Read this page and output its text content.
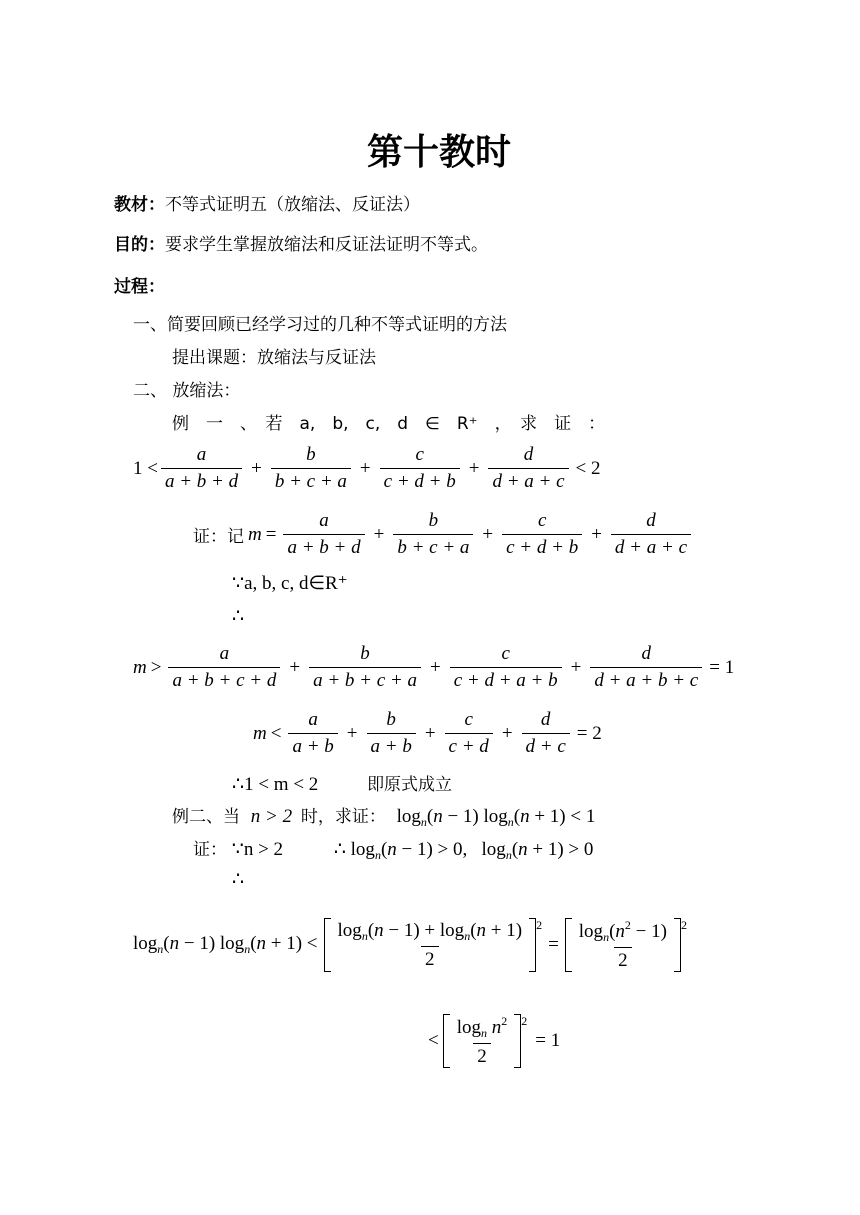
第十教时
教材：不等式证明五（放缩法、反证法）
目的：要求学生掌握放缩法和反证法证明不等式。
过程：
一、简要回顾已经学习过的几种不等式证明的方法
提出课题：放缩法与反证法
二、 放缩法：
例　一　、　若　a,　b,　c,　d　∈　R⁺　，　求　证　：
$1 < \frac{a}{a + b + d} + \frac{b}{b + c + a} + \frac{c}{c + d + b} + \frac{d}{d + a + c} < 2$
证：记 $m = \frac{a}{a + b + d} + \frac{b}{b + c + a} + \frac{c}{c + d + b} + \frac{d}{d + a + c}$
∵a, b, c, d∈R⁺
∴
$m > \frac{a}{a + b + c + d} + \frac{b}{a + b + c + a} + \frac{c}{c + d + a + b} + \frac{d}{d + a + b + c} = 1$
$m < \frac{a}{a + b} + \frac{b}{a + b} + \frac{c}{c + d} + \frac{d}{d + c} = 2$
∴1 < m < 2	即原式成立
例二、当 n > 2 时，求证： $\log_n(n - 1) \log_n(n + 1) < 1$
证： ∵n > 2	∴ $\log_n(n - 1) > 0$,   $\log_n(n + 1) > 0$
∴
$\log_n(n - 1) \log_n(n + 1) < \frac{\log_n(n - 1) + \log_n(n + 1)}{2} 2$
= $\frac{\log_n(n^2 - 1)}{2} 2$
< $\frac{\log_n n^2}{2} 2$
= 1
